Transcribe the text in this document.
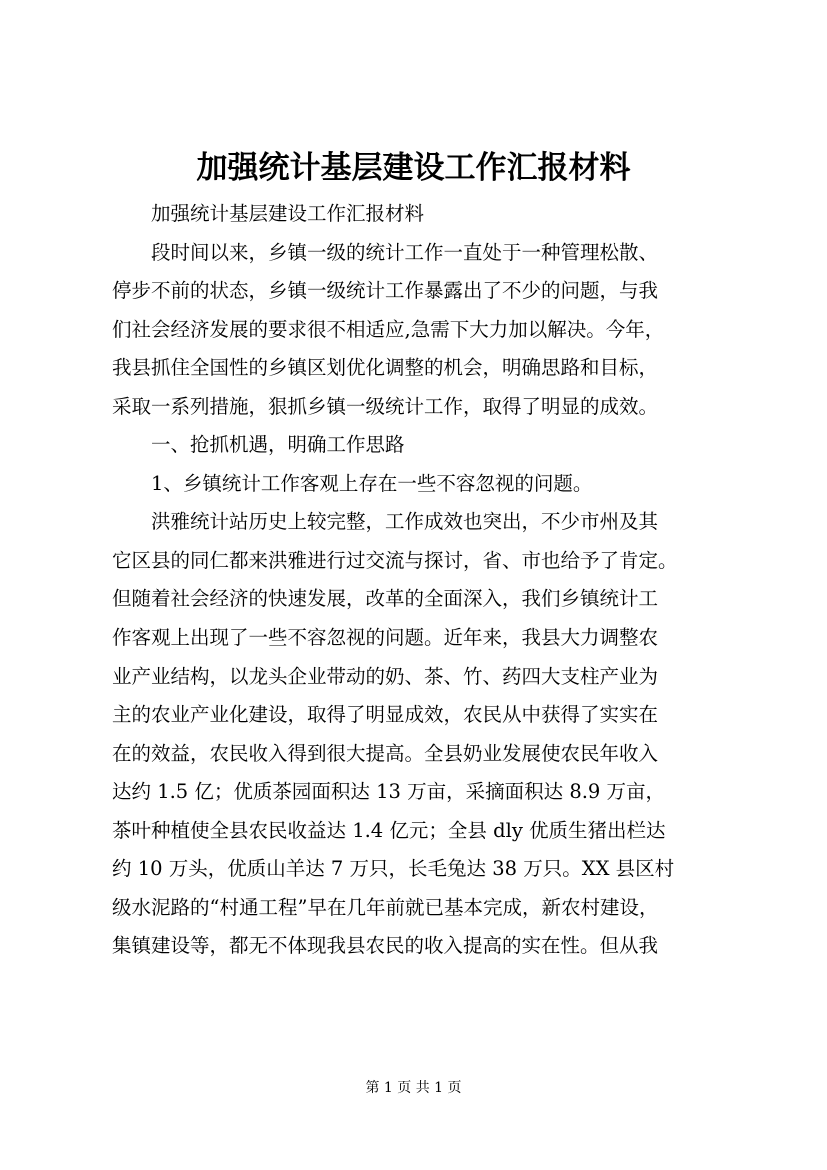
加强统计基层建设工作汇报材料
加强统计基层建设工作汇报材料
段时间以来，乡镇一级的统计工作一直处于一种管理松散、
停步不前的状态，乡镇一级统计工作暴露出了不少的问题，与我
们社会经济发展的要求很不相适应,急需下大力加以解决。今年，
我县抓住全国性的乡镇区划优化调整的机会，明确思路和目标，
采取一系列措施，狠抓乡镇一级统计工作，取得了明显的成效。
一、抢抓机遇，明确工作思路
1、乡镇统计工作客观上存在一些不容忽视的问题。
洪雅统计站历史上较完整，工作成效也突出，不少市州及其
它区县的同仁都来洪雅进行过交流与探讨，省、市也给予了肯定。
但随着社会经济的快速发展，改革的全面深入，我们乡镇统计工
作客观上出现了一些不容忽视的问题。近年来，我县大力调整农
业产业结构，以龙头企业带动的奶、茶、竹、药四大支柱产业为
主的农业产业化建设，取得了明显成效，农民从中获得了实实在
在的效益，农民收入得到很大提高。全县奶业发展使农民年收入
达约 1.5 亿；优质茶园面积达 13 万亩，采摘面积达 8.9 万亩，
茶叶种植使全县农民收益达 1.4 亿元；全县 dly 优质生猪出栏达
约 10 万头，优质山羊达 7 万只，长毛兔达 38 万只。XX 县区村
级水泥路的“村通工程”早在几年前就已基本完成，新农村建设，
集镇建设等，都无不体现我县农民的收入提高的实在性。但从我
第 1 页 共 1 页
